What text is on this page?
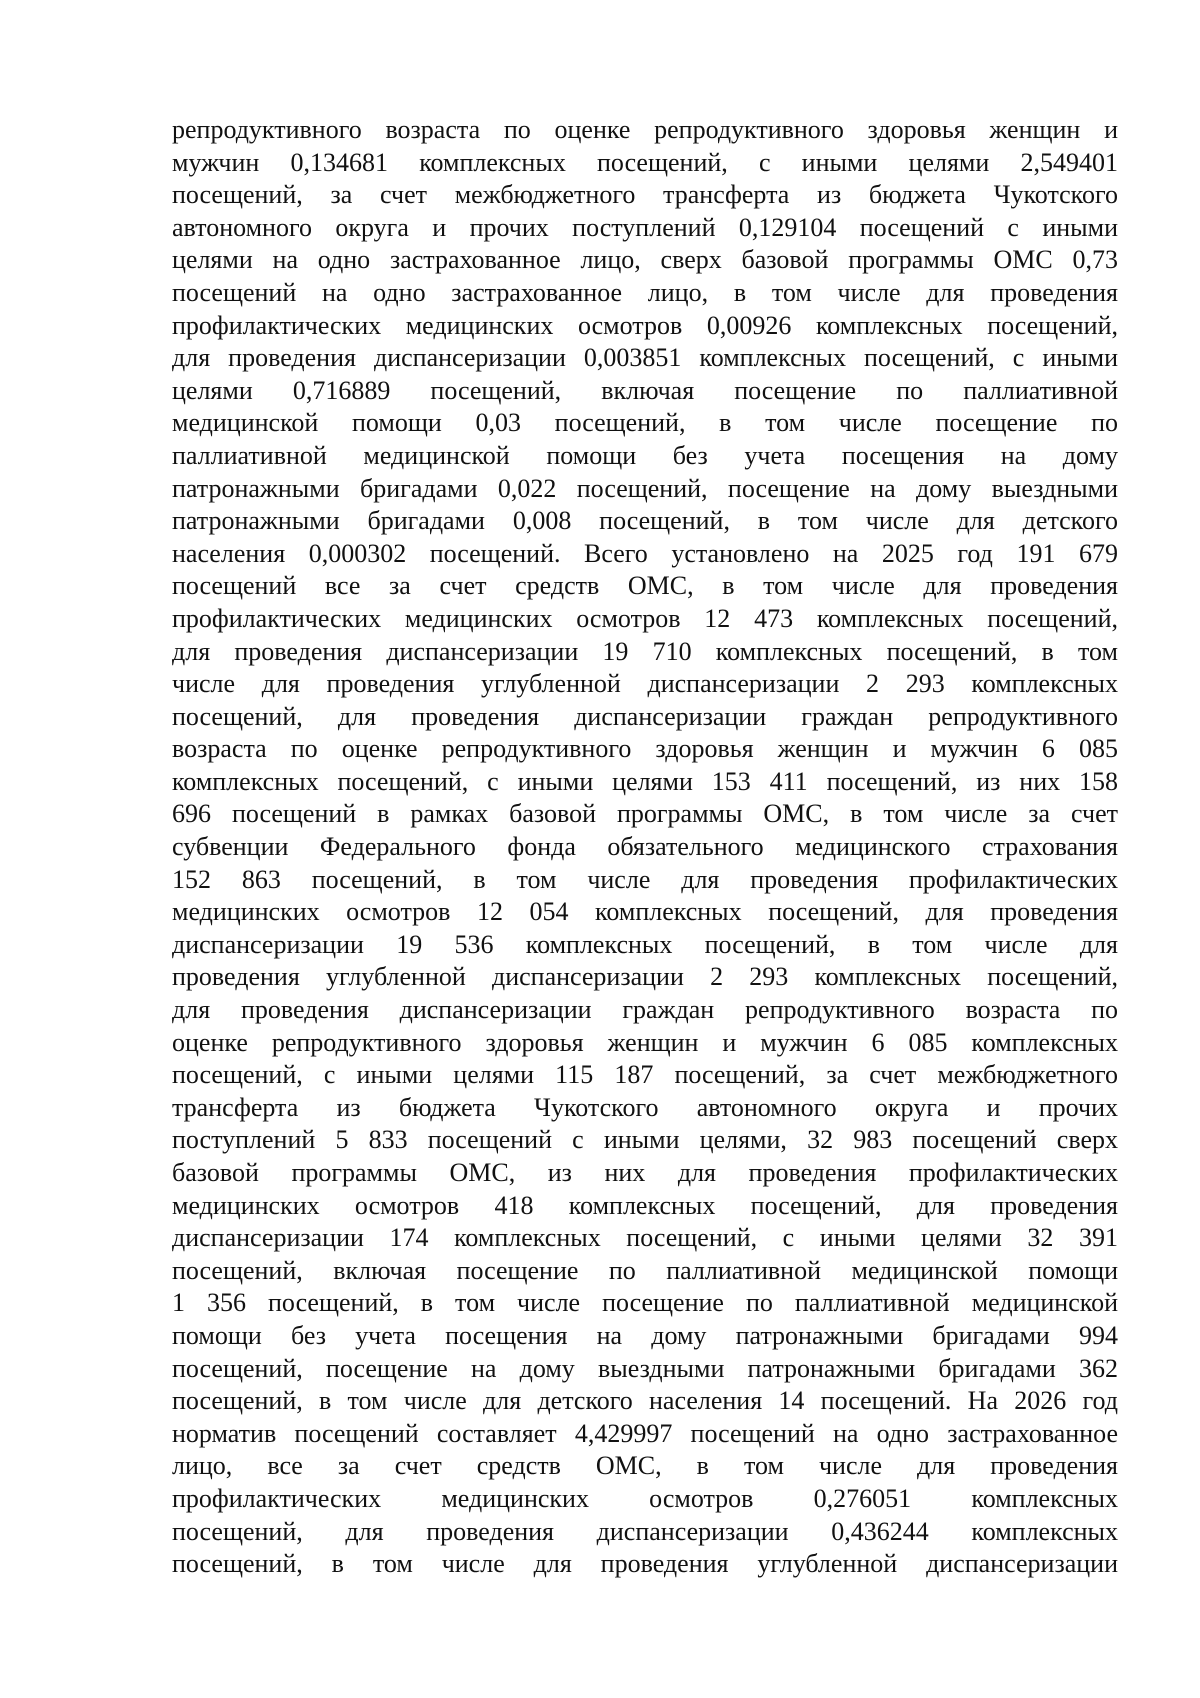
репродуктивного возраста по оценке репродуктивного здоровья женщин и
мужчин 0,134681 комплексных посещений, с иными целями 2,549401
посещений, за счет межбюджетного трансферта из бюджета Чукотского
автономного округа и прочих поступлений 0,129104 посещений с иными
целями на одно застрахованное лицо, сверх базовой программы ОМС 0,73
посещений на одно застрахованное лицо, в том числе для проведения
профилактических медицинских осмотров 0,00926 комплексных посещений,
для проведения диспансеризации 0,003851 комплексных посещений, с иными
целями 0,716889 посещений, включая посещение по паллиативной
медицинской помощи 0,03 посещений, в том числе посещение по
паллиативной медицинской помощи без учета посещения на дому
патронажными бригадами 0,022 посещений, посещение на дому выездными
патронажными бригадами 0,008 посещений, в том числе для детского
населения 0,000302 посещений. Всего установлено на 2025 год 191 679
посещений все за счет средств ОМС, в том числе для проведения
профилактических медицинских осмотров 12 473 комплексных посещений,
для проведения диспансеризации 19 710 комплексных посещений, в том
числе для проведения углубленной диспансеризации 2 293 комплексных
посещений, для проведения диспансеризации граждан репродуктивного
возраста по оценке репродуктивного здоровья женщин и мужчин 6 085
комплексных посещений, с иными целями 153 411 посещений, из них 158
696 посещений в рамках базовой программы ОМС, в том числе за счет
субвенции Федерального фонда обязательного медицинского страхования
152 863 посещений, в том числе для проведения профилактических
медицинских осмотров 12 054 комплексных посещений, для проведения
диспансеризации 19 536 комплексных посещений, в том числе для
проведения углубленной диспансеризации 2 293 комплексных посещений,
для проведения диспансеризации граждан репродуктивного возраста по
оценке репродуктивного здоровья женщин и мужчин 6 085 комплексных
посещений, с иными целями 115 187 посещений, за счет межбюджетного
трансферта из бюджета Чукотского автономного округа и прочих
поступлений 5 833 посещений с иными целями, 32 983 посещений сверх
базовой программы ОМС, из них для проведения профилактических
медицинских осмотров 418 комплексных посещений, для проведения
диспансеризации 174 комплексных посещений, с иными целями 32 391
посещений, включая посещение по паллиативной медицинской помощи
1 356 посещений, в том числе посещение по паллиативной медицинской
помощи без учета посещения на дому патронажными бригадами 994
посещений, посещение на дому выездными патронажными бригадами 362
посещений, в том числе для детского населения 14 посещений. На 2026 год
норматив посещений составляет 4,429997 посещений на одно застрахованное
лицо, все за счет средств ОМС, в том числе для проведения
профилактических медицинских осмотров 0,276051 комплексных
посещений, для проведения диспансеризации 0,436244 комплексных
посещений, в том числе для проведения углубленной диспансеризации
